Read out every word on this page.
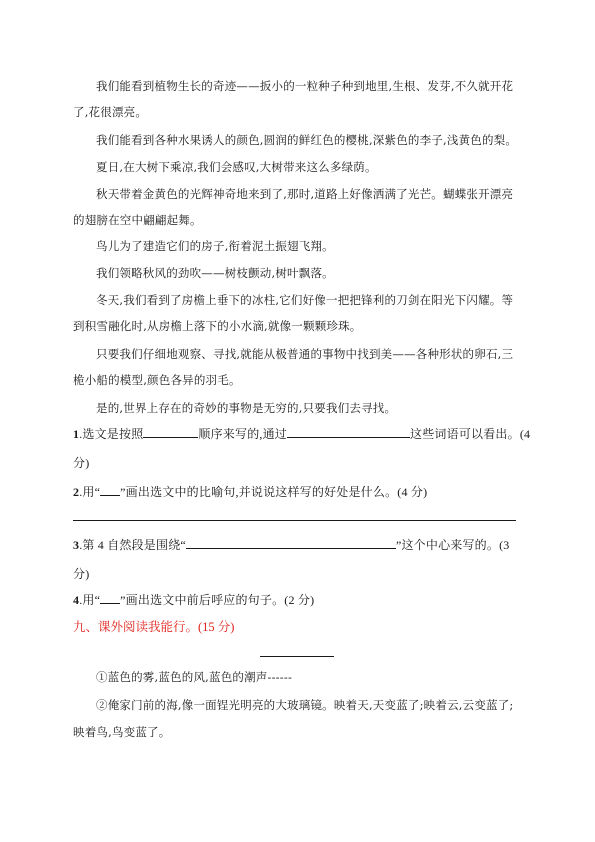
我们能看到植物生长的奇迹——扳小的一粒种子种到地里,生根、发芽,不久就开花
了,花很漂亮。
我们能看到各种水果诱人的颜色,圆润的鲜红色的樱桃,深紫色的李子,浅黄色的梨。
夏日,在大树下乘凉,我们会感叹,大树带来这么多绿荫。
秋天带着金黄色的光辉神奇地来到了,那时,道路上好像洒满了光芒。蝴蝶张开漂亮
的翅膀在空中翩翩起舞。
鸟儿为了建造它们的房子,衔着泥土振翅飞翔。
我们领略秋风的劲吹——树枝颤动,树叶飘落。
冬天,我们看到了房檐上垂下的冰柱,它们好像一把把锋利的刀剑在阳光下闪耀。等
到积雪融化时,从房檐上落下的小水滴,就像一颗颗珍珠。
只要我们仔细地观察、寻找,就能从极普通的事物中找到美——各种形状的卵石,三
桅小船的模型,颜色各异的羽毛。
是的,世界上存在的奇妙的事物是无穷的,只要我们去寻找。
1.选文是按照	顺序来写的,通过	这些词语可以看出。(4
分)
2.用“ ”画出选文中的比喻句,并说说这样写的好处是什么。(4 分)
3.第 4 自然段是围绕“	”这个中心来写的。(3
分)
4.用“ ”画出选文中前后呼应的句子。(2 分)
九、课外阅读我能行。(15 分)
①蓝色的雾,蓝色的风,蓝色的潮声------
②俺家门前的海,像一面锃光明亮的大玻璃镜。映着天,天变蓝了;映着云,云变蓝了;
映着鸟,鸟变蓝了。
